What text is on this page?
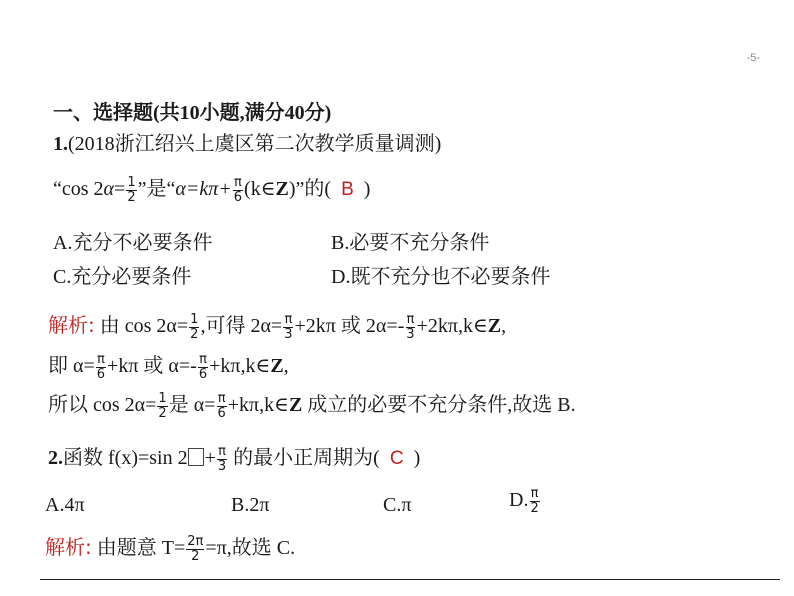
-5-
一、选择题(共10小题,满分40分)
1.(2018浙江绍兴上虞区第二次教学质量调测)
“cos $2\alpha= \frac{1}{2}$ ”是“$\alpha=k\pi+ \frac{\pi}{6}$ (k∈Z)”的( B )
A.充分不必要条件	B.必要不充分条件
C.充分必要条件	D.既不充分也不必要条件
解析: 由 $\cos 2\alpha= \frac{1}{2}$ ,可得 $2\alpha= \frac{\pi}{3} +2k\pi$ 或 $2\alpha=- \frac{\pi}{3}$ +2kπ,k∈Z,
即 $\alpha= \frac{\pi}{6} +k\pi$ 或 $\alpha=- \frac{\pi}{6}$ +kπ,k∈Z,
所以 $\cos 2\alpha= \frac{1}{2}$ 是 $\alpha= \frac{\pi}{6}$ +kπ,k∈Z 成立的必要不充分条件,故选 B.
2.函数 f(x)=sin $2 + \frac{\pi}{3}$ 的最小正周期为( C )
A.4π	B.2π	C.π	D. $\frac{\pi}{2}$
解析: 由题意 $T= \frac{2\pi}{2} =\pi$,故选 C.
